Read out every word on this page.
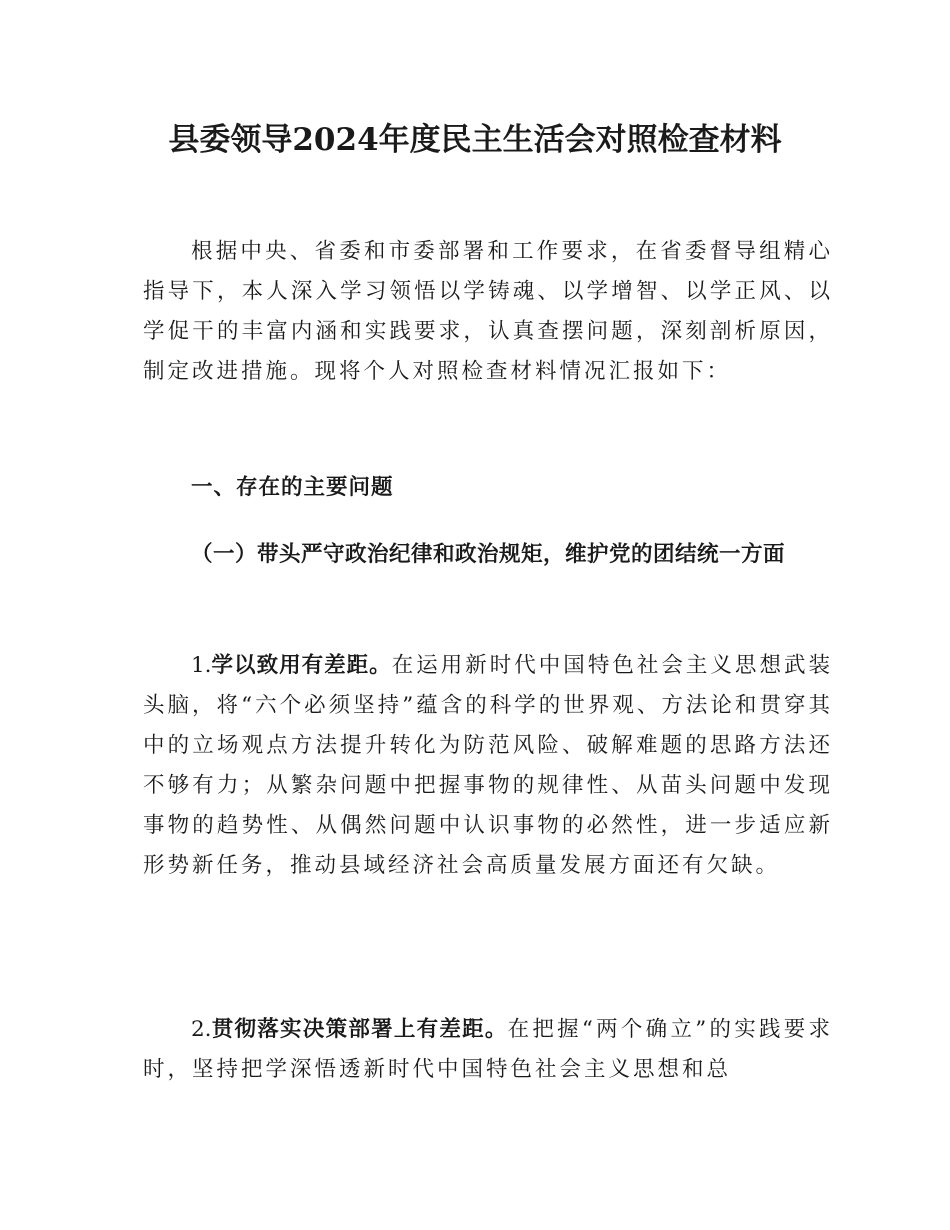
县委领导2024年度民主生活会对照检查材料

根据中央、省委和市委部署和工作要求，在省委督导组精心指导下，本人深入学习领悟以学铸魂、以学增智、以学正风、以学促干的丰富内涵和实践要求，认真查摆问题，深刻剖析原因，制定改进措施。现将个人对照检查材料情况汇报如下：

一、存在的主要问题

（一）带头严守政治纪律和政治规矩，维护党的团结统一方面

1.学以致用有差距。在运用新时代中国特色社会主义思想武装头脑，将“六个必须坚持”蕴含的科学的世界观、方法论和贯穿其中的立场观点方法提升转化为防范风险、破解难题的思路方法还不够有力；从繁杂问题中把握事物的规律性、从苗头问题中发现事物的趋势性、从偶然问题中认识事物的必然性，进一步适应新形势新任务，推动县域经济社会高质量发展方面还有欠缺。

2.贯彻落实决策部署上有差距。在把握“两个确立”的实践要求时，坚持把学深悟透新时代中国特色社会主义思想和总
